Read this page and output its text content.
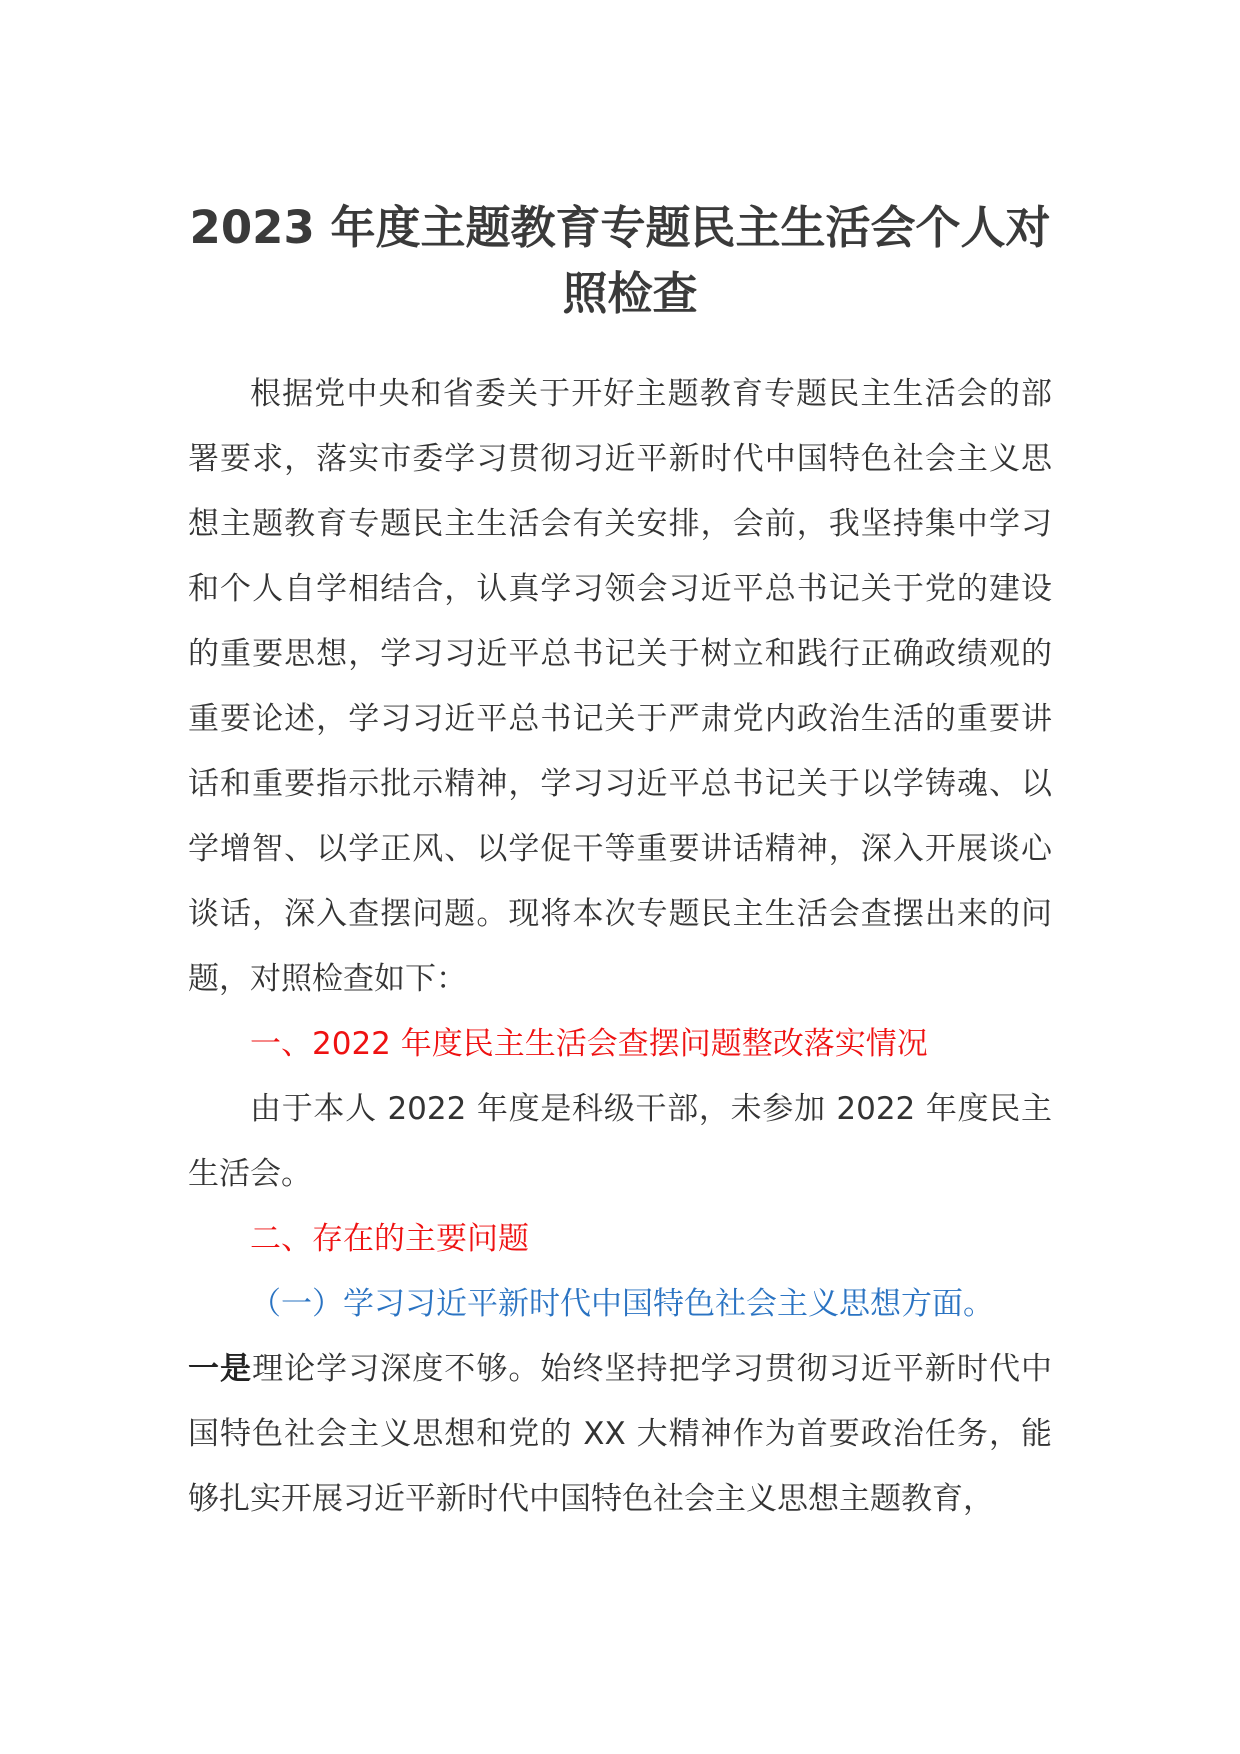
2023 年度主题教育专题民主生活会个人对
照检查

根据党中央和省委关于开好主题教育专题民主生活会的部署要求，落实市委学习贯彻习近平新时代中国特色社会主义思想主题教育专题民主生活会有关安排，会前，我坚持集中学习和个人自学相结合，认真学习领会习近平总书记关于党的建设的重要思想，学习习近平总书记关于树立和践行正确政绩观的重要论述，学习习近平总书记关于严肃党内政治生活的重要讲话和重要指示批示精神，学习习近平总书记关于以学铸魂、以学增智、以学正风、以学促干等重要讲话精神，深入开展谈心谈话，深入查摆问题。现将本次专题民主生活会查摆出来的问题，对照检查如下：

一、2022 年度民主生活会查摆问题整改落实情况

由于本人 2022 年度是科级干部，未参加 2022 年度民主生活会。

二、存在的主要问题

（一）学习习近平新时代中国特色社会主义思想方面。

一是理论学习深度不够。始终坚持把学习贯彻习近平新时代中国特色社会主义思想和党的 XX 大精神作为首要政治任务，能够扎实开展习近平新时代中国特色社会主义思想主题教育，
